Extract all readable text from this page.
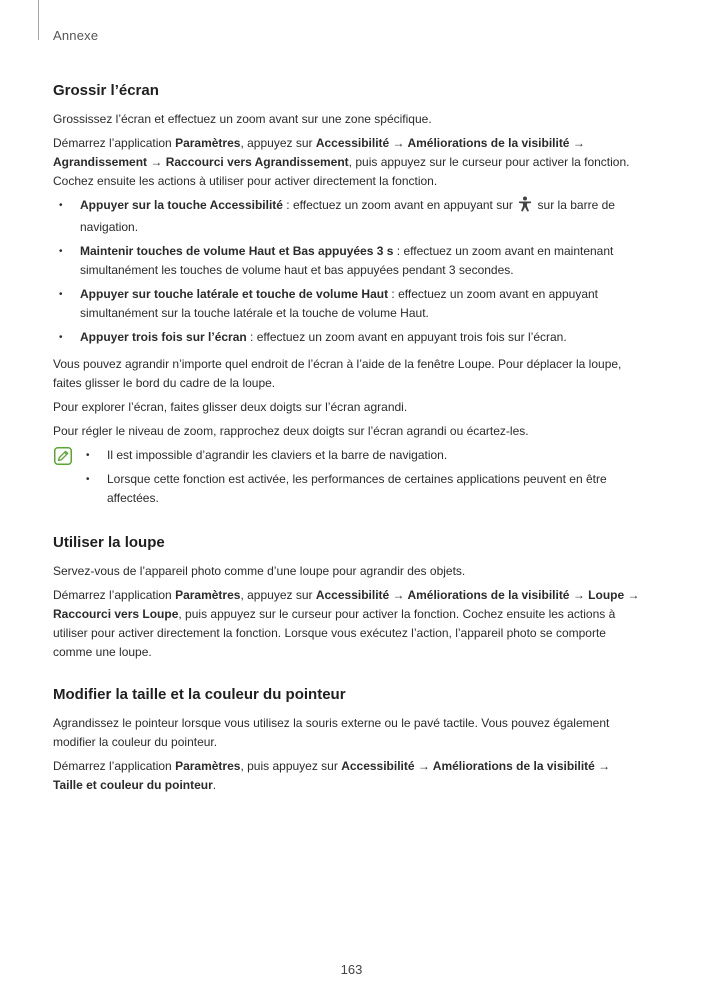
Annexe
Grossir l’écran

Grossissez l’écran et effectuez un zoom avant sur une zone spécifique.

Démarrez l’application Paramètres, appuyez sur Accessibilité → Améliorations de la visibilité → Agrandissement → Raccourci vers Agrandissement, puis appuyez sur le curseur pour activer la fonction. Cochez ensuite les actions à utiliser pour activer directement la fonction.

• Appuyer sur la touche Accessibilité : effectuez un zoom avant en appuyant sur  sur la barre de navigation.
• Maintenir touches de volume Haut et Bas appuyées 3 s : effectuez un zoom avant en maintenant simultanément les touches de volume haut et bas appuyées pendant 3 secondes.
• Appuyer sur touche latérale et touche de volume Haut : effectuez un zoom avant en appuyant simultanément sur la touche latérale et la touche de volume Haut.
• Appuyer trois fois sur l’écran : effectuez un zoom avant en appuyant trois fois sur l’écran.

Vous pouvez agrandir n’importe quel endroit de l’écran à l’aide de la fenêtre Loupe. Pour déplacer la loupe, faites glisser le bord du cadre de la loupe.

Pour explorer l’écran, faites glisser deux doigts sur l’écran agrandi.

Pour régler le niveau de zoom, rapprochez deux doigts sur l’écran agrandi ou écartez-les.

• Il est impossible d’agrandir les claviers et la barre de navigation.
• Lorsque cette fonction est activée, les performances de certaines applications peuvent en être affectées.
Utiliser la loupe

Servez-vous de l’appareil photo comme d’une loupe pour agrandir des objets.

Démarrez l’application Paramètres, appuyez sur Accessibilité → Améliorations de la visibilité → Loupe → Raccourci vers Loupe, puis appuyez sur le curseur pour activer la fonction. Cochez ensuite les actions à utiliser pour activer directement la fonction. Lorsque vous exécutez l’action, l’appareil photo se comporte comme une loupe.

Modifier la taille et la couleur du pointeur

Agrandissez le pointeur lorsque vous utilisez la souris externe ou le pavé tactile. Vous pouvez également modifier la couleur du pointeur.

Démarrez l’application Paramètres, puis appuyez sur Accessibilité → Améliorations de la visibilité → Taille et couleur du pointeur.

163
